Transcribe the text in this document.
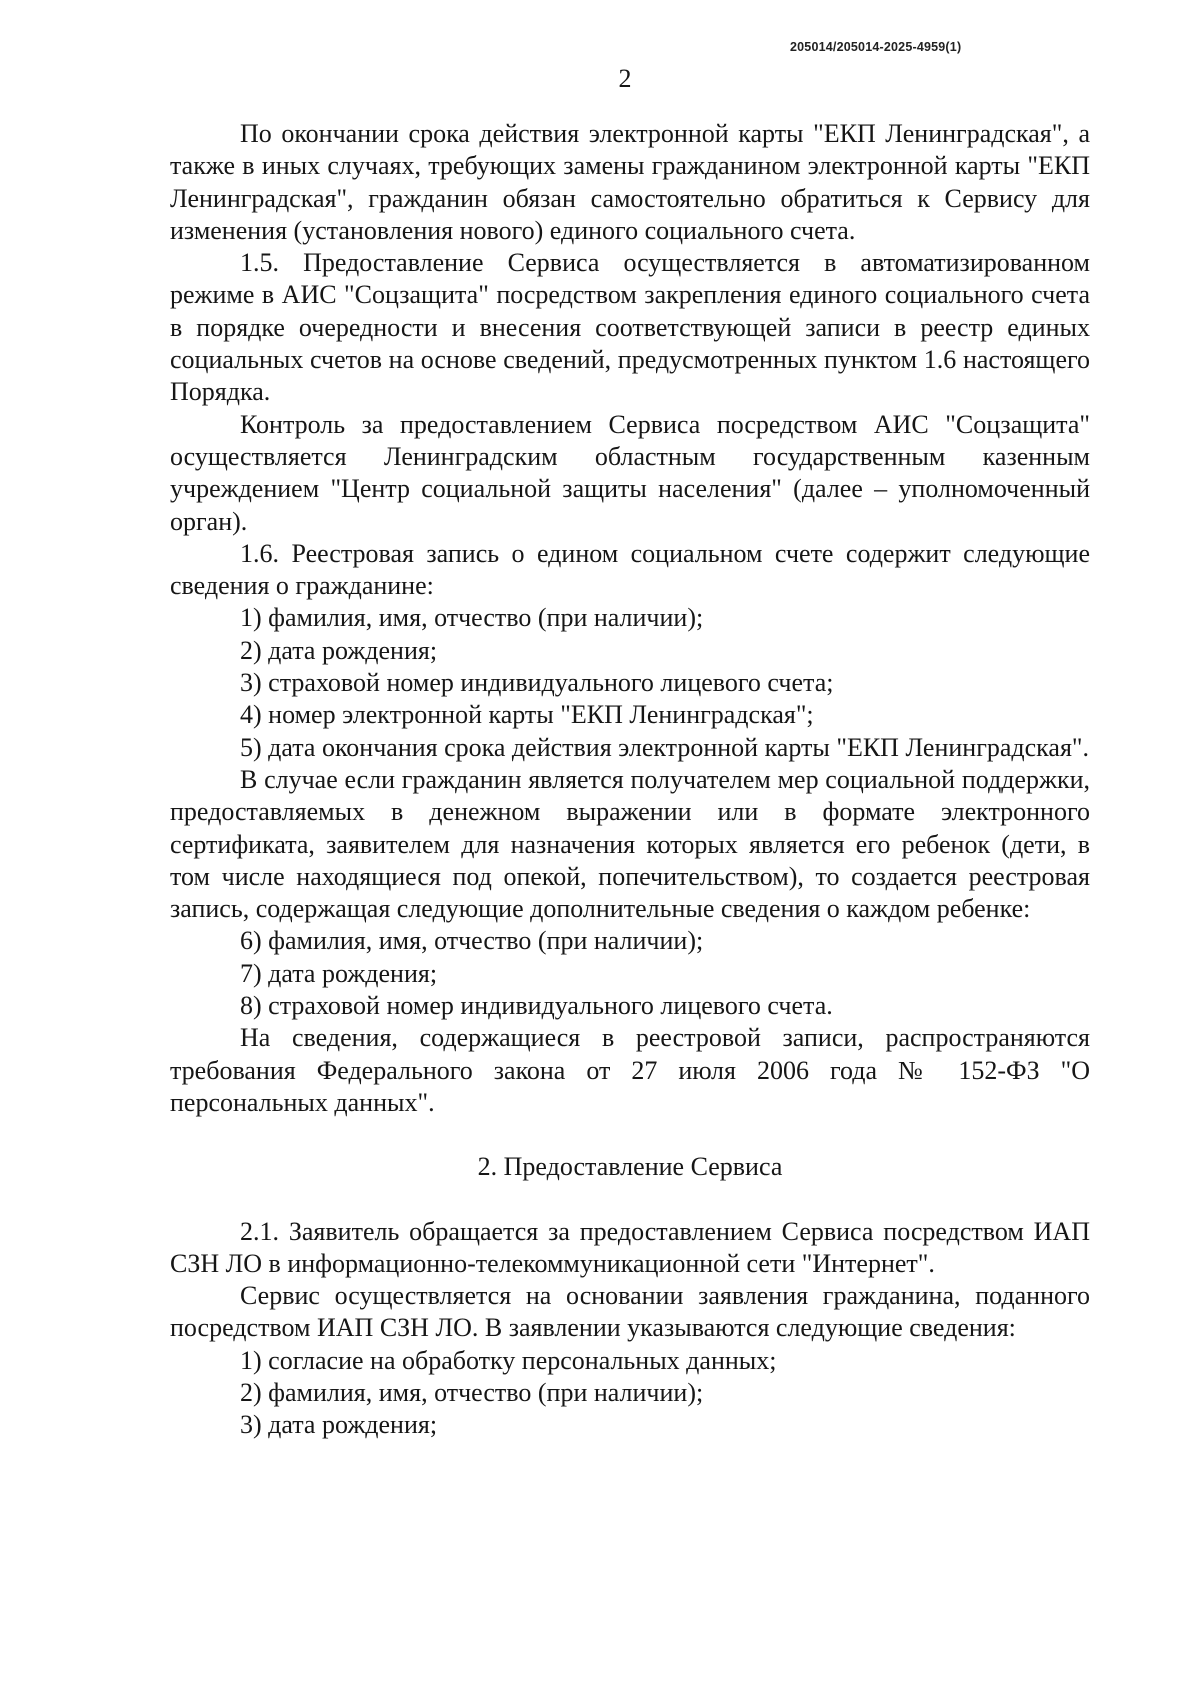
205014/205014-2025-4959(1)
2

По окончании срока действия электронной карты "ЕКП Ленинградская", а также в иных случаях, требующих замены гражданином электронной карты "ЕКП Ленинградская", гражданин обязан самостоятельно обратиться к Сервису для изменения (установления нового) единого социального счета.

1.5. Предоставление Сервиса осуществляется в автоматизированном режиме в АИС "Соцзащита" посредством закрепления единого социального счета в порядке очередности и внесения соответствующей записи в реестр единых социальных счетов на основе сведений, предусмотренных пунктом 1.6 настоящего Порядка.

Контроль за предоставлением Сервиса посредством АИС "Соцзащита" осуществляется Ленинградским областным государственным казенным учреждением "Центр социальной защиты населения" (далее – уполномоченный орган).

1.6. Реестровая запись о едином социальном счете содержит следующие сведения о гражданине:

1) фамилия, имя, отчество (при наличии);

2) дата рождения;

3) страховой номер индивидуального лицевого счета;

4) номер электронной карты "ЕКП Ленинградская";

5) дата окончания срока действия электронной карты "ЕКП Ленинградская".

В случае если гражданин является получателем мер социальной поддержки, предоставляемых в денежном выражении или в формате электронного сертификата, заявителем для назначения которых является его ребенок (дети, в том числе находящиеся под опекой, попечительством), то создается реестровая запись, содержащая следующие дополнительные сведения о каждом ребенке:

6) фамилия, имя, отчество (при наличии);

7) дата рождения;

8) страховой номер индивидуального лицевого счета.

На сведения, содержащиеся в реестровой записи, распространяются требования Федерального закона от 27 июля 2006 года № 152-ФЗ "О персональных данных".

2. Предоставление Сервиса

2.1. Заявитель обращается за предоставлением Сервиса посредством ИАП СЗН ЛО в информационно-телекоммуникационной сети "Интернет".

Сервис осуществляется на основании заявления гражданина, поданного посредством ИАП СЗН ЛО. В заявлении указываются следующие сведения:

1) согласие на обработку персональных данных;

2) фамилия, имя, отчество (при наличии);

3) дата рождения;
